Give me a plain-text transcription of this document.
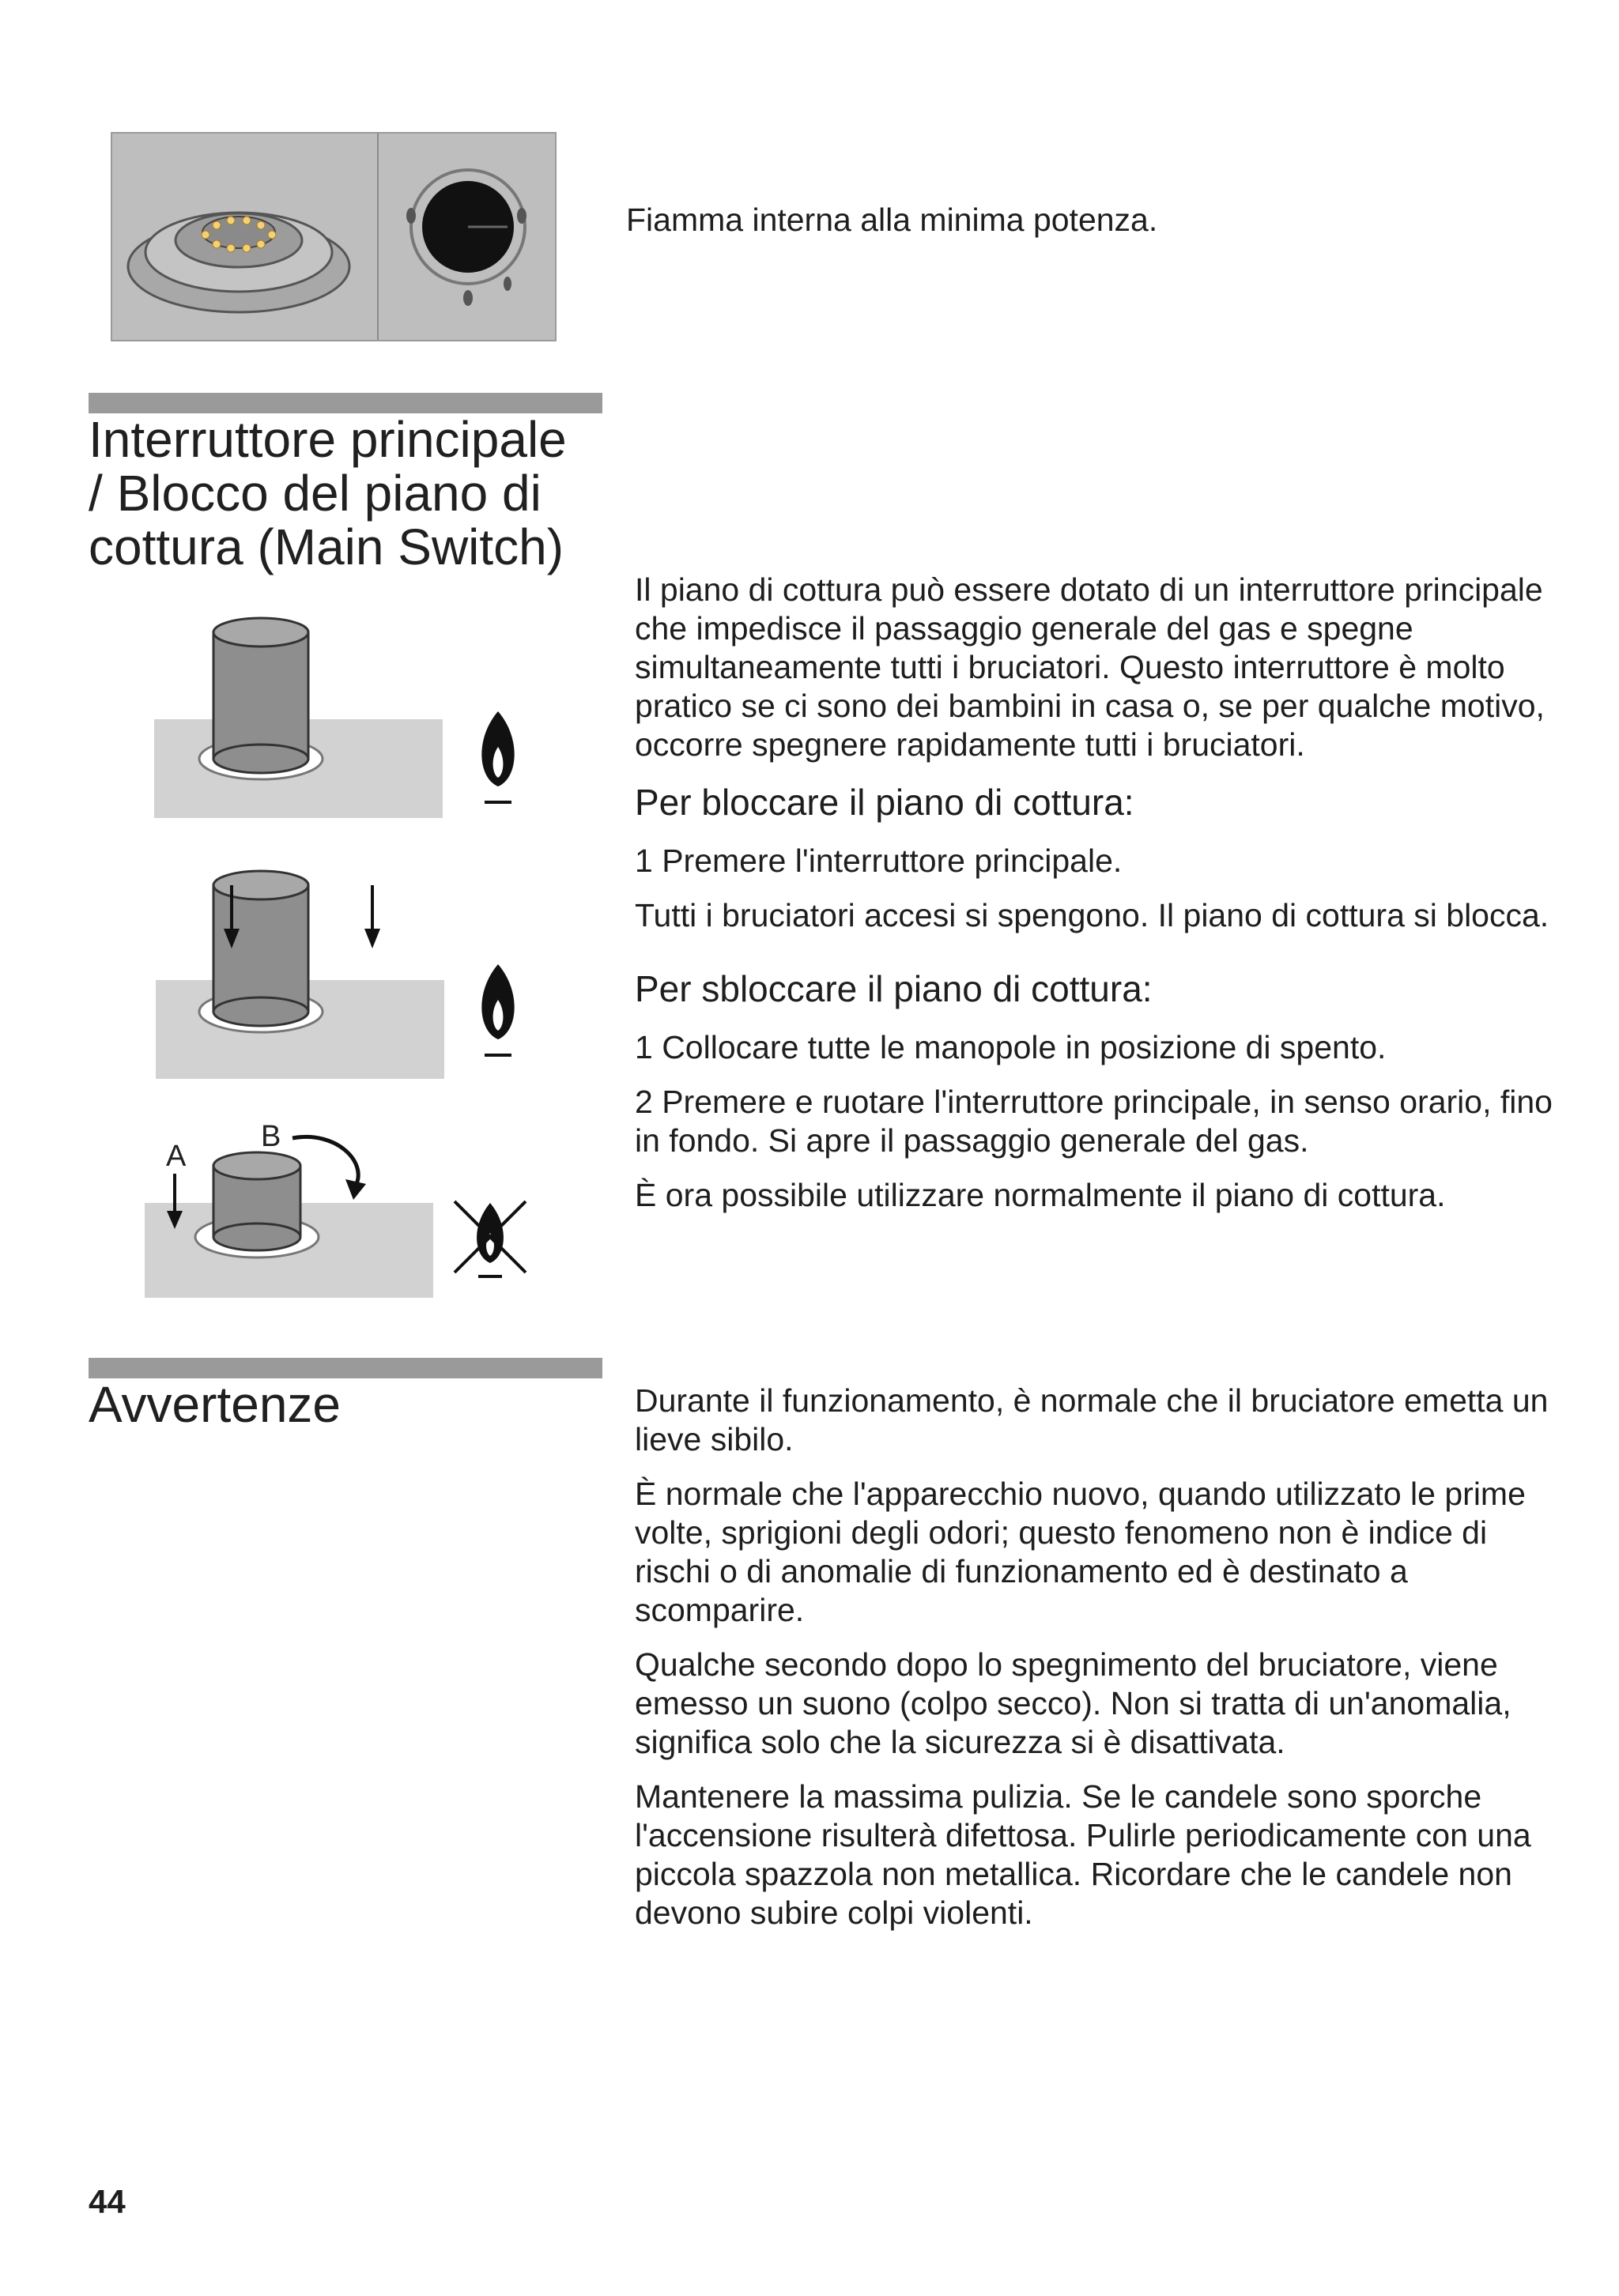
Fiamma interna alla minima potenza.
Interruttore principale
/ Blocco del piano di
cottura (Main Switch)
A
B

Il piano di cottura può essere dotato di un interruttore principale che impedisce il passaggio generale del gas e spegne simultaneamente tutti i bruciatori. Questo interruttore è molto pratico se ci sono dei bambini in casa o, se per qualche motivo, occorre spegnere rapidamente tutti i bruciatori.

Per bloccare il piano di cottura:

1 Premere l'interruttore principale.

Tutti i bruciatori accesi si spengono. Il piano di cottura si blocca.

Per sbloccare il piano di cottura:

1 Collocare tutte le manopole in posizione di spento.

2 Premere e ruotare l'interruttore principale, in senso orario, fino in fondo. Si apre il passaggio generale del gas.

È ora possibile utilizzare normalmente il piano di cottura.

Avvertenze	Durante il funzionamento, è normale che il bruciatore emetta un lieve sibilo.

È normale che l'apparecchio nuovo, quando utilizzato le prime volte, sprigioni degli odori; questo fenomeno non è indice di rischi o di anomalie di funzionamento ed è destinato a scomparire.

Qualche secondo dopo lo spegnimento del bruciatore, viene emesso un suono (colpo secco). Non si tratta di un'anomalia, significa solo che la sicurezza si è disattivata.

Mantenere la massima pulizia. Se le candele sono sporche l'accensione risulterà difettosa. Pulirle periodicamente con una piccola spazzola non metallica. Ricordare che le candele non devono subire colpi violenti.

44
